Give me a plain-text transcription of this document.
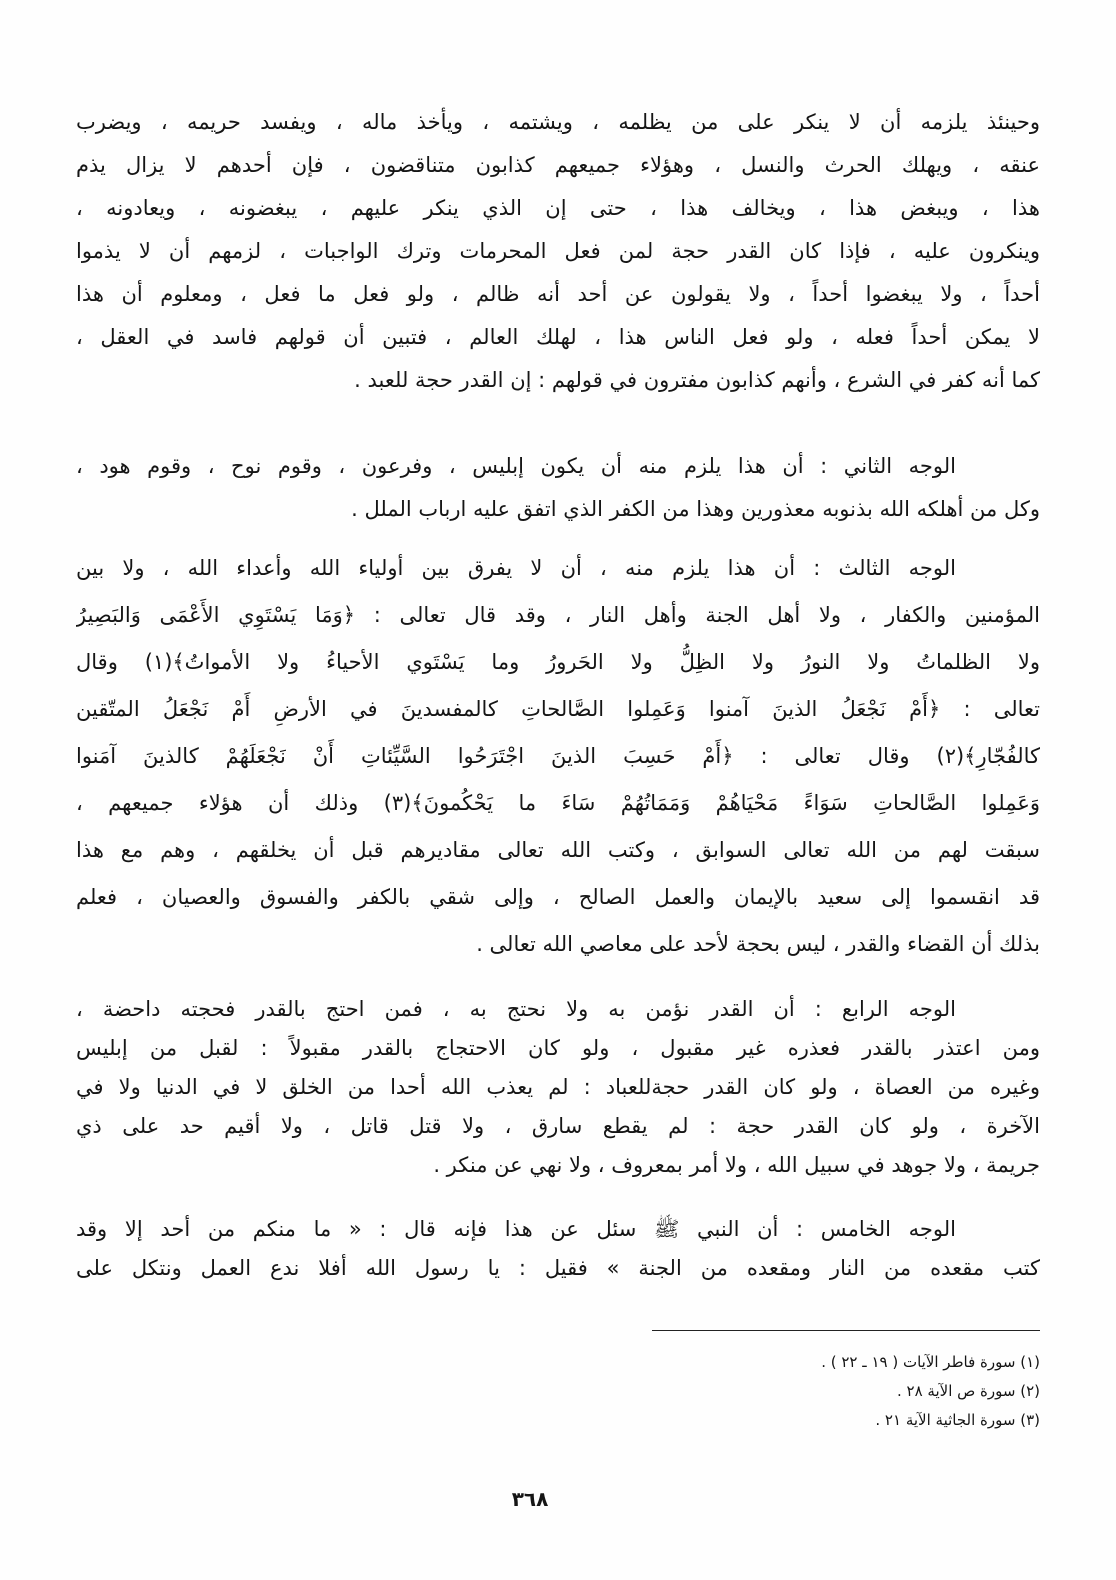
وحينئذ يلزمه أن لا ينكر على من يظلمه ، ويشتمه ، ويأخذ ماله ، ويفسد حريمه ، ويضرب
عنقه ، ويهلك الحرث والنسل ، وهؤلاء جميعهم كذابون متناقضون ، فإن أحدهم لا يزال يذم
هذا ، ويبغض هذا ، ويخالف هذا ، حتى إن الذي ينكر عليهم ، يبغضونه ، ويعادونه ،
وينكرون عليه ، فإذا كان القدر حجة لمن فعل المحرمات وترك الواجبات ، لزمهم أن لا يذموا
أحداً ، ولا يبغضوا أحداً ، ولا يقولون عن أحد أنه ظالم ، ولو فعل ما فعل ، ومعلوم أن هذا
لا يمكن أحداً فعله ، ولو فعل الناس هذا ، لهلك العالم ، فتبين أن قولهم فاسد في العقل ،
كما أنه كفر في الشرع ، وأنهم كذابون مفترون في قولهم : إن القدر حجة للعبد .
الوجه الثاني : أن هذا يلزم منه أن يكون إبليس ، وفرعون ، وقوم نوح ، وقوم هود ،
وكل من أهلكه الله بذنوبه معذورين وهذا من الكفر الذي اتفق عليه ارباب الملل .
الوجه الثالث : أن هذا يلزم منه ، أن لا يفرق بين أولياء الله وأعداء الله ، ولا بين
المؤمنين والكفار ، ولا أهل الجنة وأهل النار ، وقد قال تعالى : ﴿وَمَا يَسْتَوِي الأَعْمَى وَالبَصِيرُ
ولا الظلماتُ ولا النورُ ولا الظِلُّ ولا الحَرورُ وما يَسْتَوي الأحياءُ ولا الأمواتُ﴾(١) وقال
تعالى : ﴿أَمْ نَجْعَلُ الذينَ آمنوا وَعَمِلوا الصَّالحاتِ كالمفسدينَ في الأرضِ أَمْ نَجْعَلُ المتّقين
كالفُجّارِ﴾(٢) وقال تعالى : ﴿أَمْ حَسِبَ الذينَ اجْتَرَحُوا السَّيِّئاتِ أَنْ نَجْعَلَهُمْ كالذينَ آمَنوا
وَعَمِلوا الصَّالحاتِ سَوَاءً مَحْيَاهُمْ وَمَمَاتُهُمْ سَاءَ ما يَحْكُمونَ﴾(٣) وذلك أن هؤلاء جميعهم ،
سبقت لهم من الله تعالى السوابق ، وكتب الله تعالى مقاديرهم قبل أن يخلقهم ، وهم مع هذا
قد انقسموا إلى سعيد بالإيمان والعمل الصالح ، وإلى شقي بالكفر والفسوق والعصيان ، فعلم
بذلك أن القضاء والقدر ، ليس بحجة لأحد على معاصي الله تعالى .
الوجه الرابع : أن القدر نؤمن به ولا نحتج به ، فمن احتج بالقدر فحجته داحضة ،
ومن اعتذر بالقدر فعذره غير مقبول ، ولو كان الاحتجاج بالقدر مقبولاً : لقبل من إبليس
وغيره من العصاة ، ولو كان القدر حجةللعباد : لم يعذب الله أحدا من الخلق لا في الدنيا ولا في
الآخرة ، ولو كان القدر حجة : لم يقطع سارق ، ولا قتل قاتل ، ولا أقيم حد على ذي
جريمة ، ولا جوهد في سبيل الله ، ولا أمر بمعروف ، ولا نهي عن منكر .
الوجه الخامس : أن النبي ﷺ سئل عن هذا فإنه قال : « ما منكم من أحد إلا وقد
كتب مقعده من النار ومقعده من الجنة » فقيل : يا رسول الله أفلا ندع العمل ونتكل على
(١) سورة فاطر الآيات ( ١٩ ـ ٢٢ ) .
(٢) سورة ص الآية ٢٨ .
(٣) سورة الجاثية الآية ٢١ .
٣٦٨
